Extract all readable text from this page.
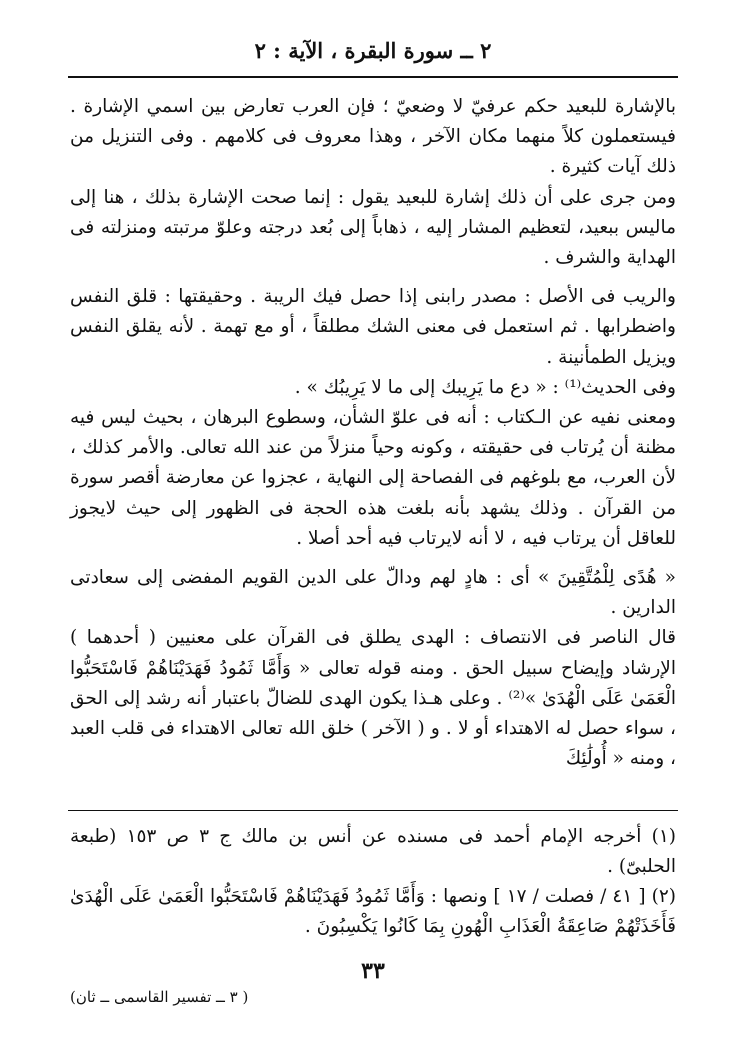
٢ ــ سورة البقرة ، الآية : ٢

بالإشارة للبعيد حكم عرفيّ لا وضعيّ ؛ فإن العرب تعارض بين اسمي الإشارة . فيستعملون كلاً منهما مكان الآخر ، وهذا معروف فى كلامهم . وفى التنزيل من ذلك آيات كثيرة .

ومن جرى على أن ذلك إشارة للبعيد يقول : إنما صحت الإشارة بذلك ، هنا إلى ماليس ببعيد، لتعظيم المشار إليه ، ذهاباً إلى بُعد درجته وعلوّ مرتبته ومنزلته فى الهداية والشرف .

والريب فى الأصل : مصدر رابنى إذا حصل فيك الريبة . وحقيقتها : قلق النفس واضطرابها . ثم استعمل فى معنى الشك مطلقاً ، أو مع تهمة . لأنه يقلق النفس ويزيل الطمأنينة .

وفى الحديث⁽¹⁾ : « دع ما يَرِيبك إلى ما لا يَرِيبُك » .

ومعنى نفيه عن الـكتاب : أنه فى علوّ الشأن، وسطوع البرهان ، بحيث ليس فيه مظنة أن يُرتاب فى حقيقته ، وكونه وحياً منزلاً من عند الله تعالى. والأمر كذلك ، لأن العرب، مع بلوغهم فى الفصاحة إلى النهاية ، عجزوا عن معارضة أقصر سورة من القرآن . وذلك يشهد بأنه بلغت هذه الحجة فى الظهور إلى حيث لايجوز للعاقل أن يرتاب فيه ، لا أنه لايرتاب فيه أحد أصلا .

« هُدًى لِلْمُتَّقِينَ » أى : هادٍ لهم ودالّ على الدين القويم المفضى إلى سعادتى الدارين .

قال الناصر فى الانتصاف : الهدى يطلق فى القرآن على معنيين ( أحدهما ) الإرشاد وإيضاح سبيل الحق . ومنه قوله تعالى « وَأَمَّا ثَمُودُ فَهَدَيْنَاهُمْ فَاسْتَحَبُّوا الْعَمَىٰ عَلَى الْهُدَىٰ »⁽²⁾ . وعلى هـذا يكون الهدى للضالّ باعتبار أنه رشد إلى الحق ، سواء حصل له الاهتداء أو لا . و ( الآخر ) خلق الله تعالى الاهتداء فى قلب العبد ، ومنه « أُولَٰئِكَ

(١) أخرجه الإمام أحمد فى مسنده عن أنس بن مالك ج ٣ ص ١٥٣ (طبعة الحلبىّ) .

(٢) [ ٤١ / فصلت / ١٧ ] ونصها : وَأَمَّا ثَمُودُ فَهَدَيْنَاهُمْ فَاسْتَحَبُّوا الْعَمَىٰ عَلَى الْهُدَىٰ فَأَخَذَتْهُمْ صَاعِقَةُ الْعَذَابِ الْهُونِ بِمَا كَانُوا يَكْسِبُونَ .

٣٣
( ٣ ــ تفسير القاسمى ــ ثان)
